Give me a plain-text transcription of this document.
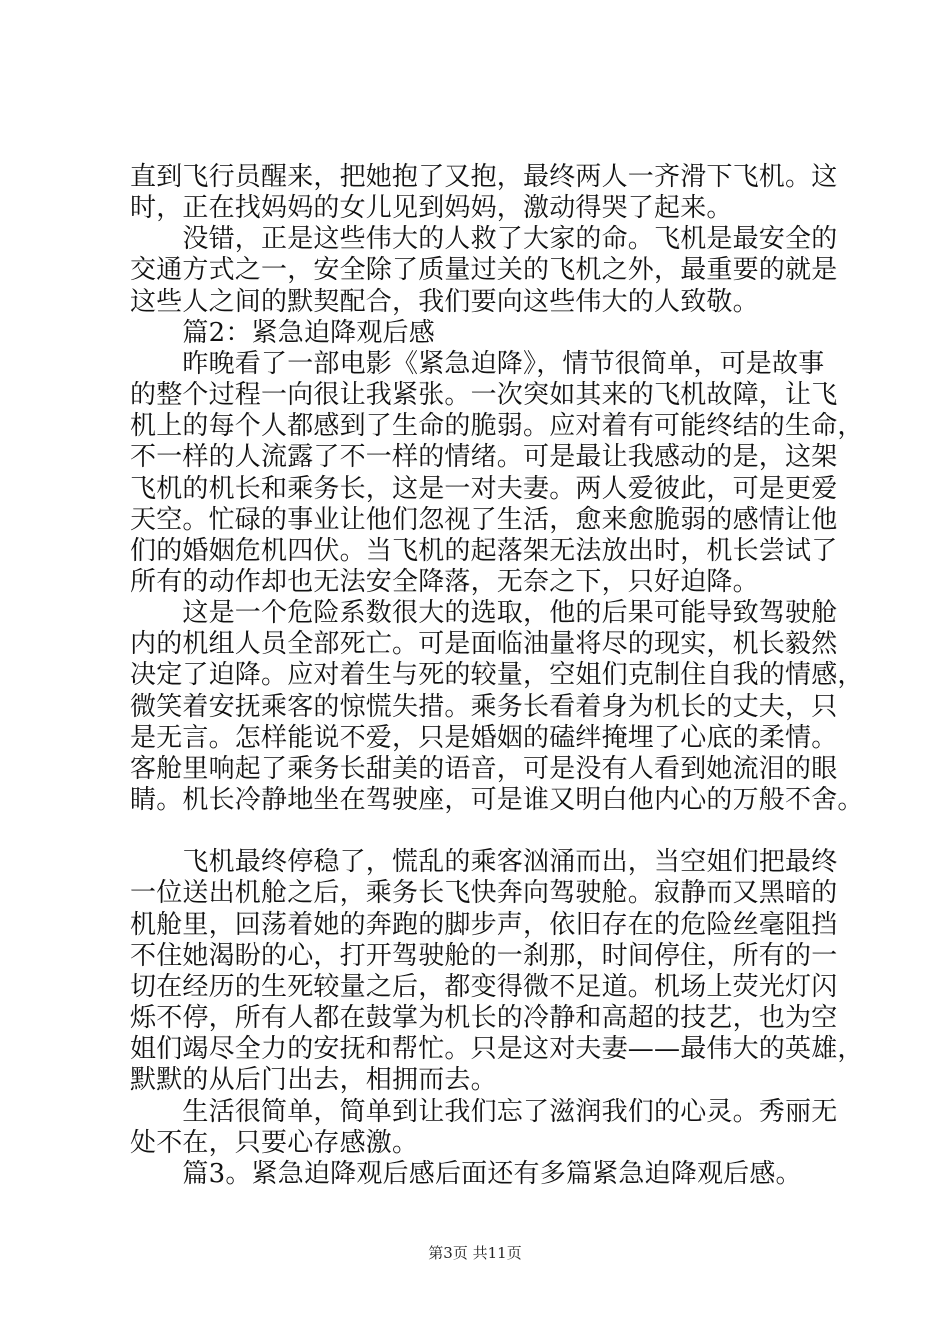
直到飞行员醒来，把她抱了又抱，最终两人一齐滑下飞机。这
时，正在找妈妈的女儿见到妈妈，激动得哭了起来。
　　没错，正是这些伟大的人救了大家的命。飞机是最安全的
交通方式之一，安全除了质量过关的飞机之外，最重要的就是
这些人之间的默契配合，我们要向这些伟大的人致敬。
　　篇2：紧急迫降观后感
　　昨晚看了一部电影《紧急迫降》，情节很简单，可是故事
的整个过程一向很让我紧张。一次突如其来的飞机故障，让飞
机上的每个人都感到了生命的脆弱。应对着有可能终结的生命，
不一样的人流露了不一样的情绪。可是最让我感动的是，这架
飞机的机长和乘务长，这是一对夫妻。两人爱彼此，可是更爱
天空。忙碌的事业让他们忽视了生活，愈来愈脆弱的感情让他
们的婚姻危机四伏。当飞机的起落架无法放出时，机长尝试了
所有的动作却也无法安全降落，无奈之下，只好迫降。
　　这是一个危险系数很大的选取，他的后果可能导致驾驶舱
内的机组人员全部死亡。可是面临油量将尽的现实，机长毅然
决定了迫降。应对着生与死的较量，空姐们克制住自我的情感，
微笑着安抚乘客的惊慌失措。乘务长看着身为机长的丈夫，只
是无言。怎样能说不爱，只是婚姻的磕绊掩埋了心底的柔情。
客舱里响起了乘务长甜美的语音，可是没有人看到她流泪的眼
睛。机长冷静地坐在驾驶座，可是谁又明白他内心的万般不舍。
　　飞机最终停稳了，慌乱的乘客汹涌而出，当空姐们把最终
一位送出机舱之后，乘务长飞快奔向驾驶舱。寂静而又黑暗的
机舱里，回荡着她的奔跑的脚步声，依旧存在的危险丝毫阻挡
不住她渴盼的心，打开驾驶舱的一刹那，时间停住，所有的一
切在经历的生死较量之后，都变得微不足道。机场上荧光灯闪
烁不停，所有人都在鼓掌为机长的冷静和高超的技艺，也为空
姐们竭尽全力的安抚和帮忙。只是这对夫妻——最伟大的英雄，
默默的从后门出去，相拥而去。
　　生活很简单，简单到让我们忘了滋润我们的心灵。秀丽无
处不在，只要心存感激。
　　篇3。紧急迫降观后感后面还有多篇紧急迫降观后感。
第3页 共11页
